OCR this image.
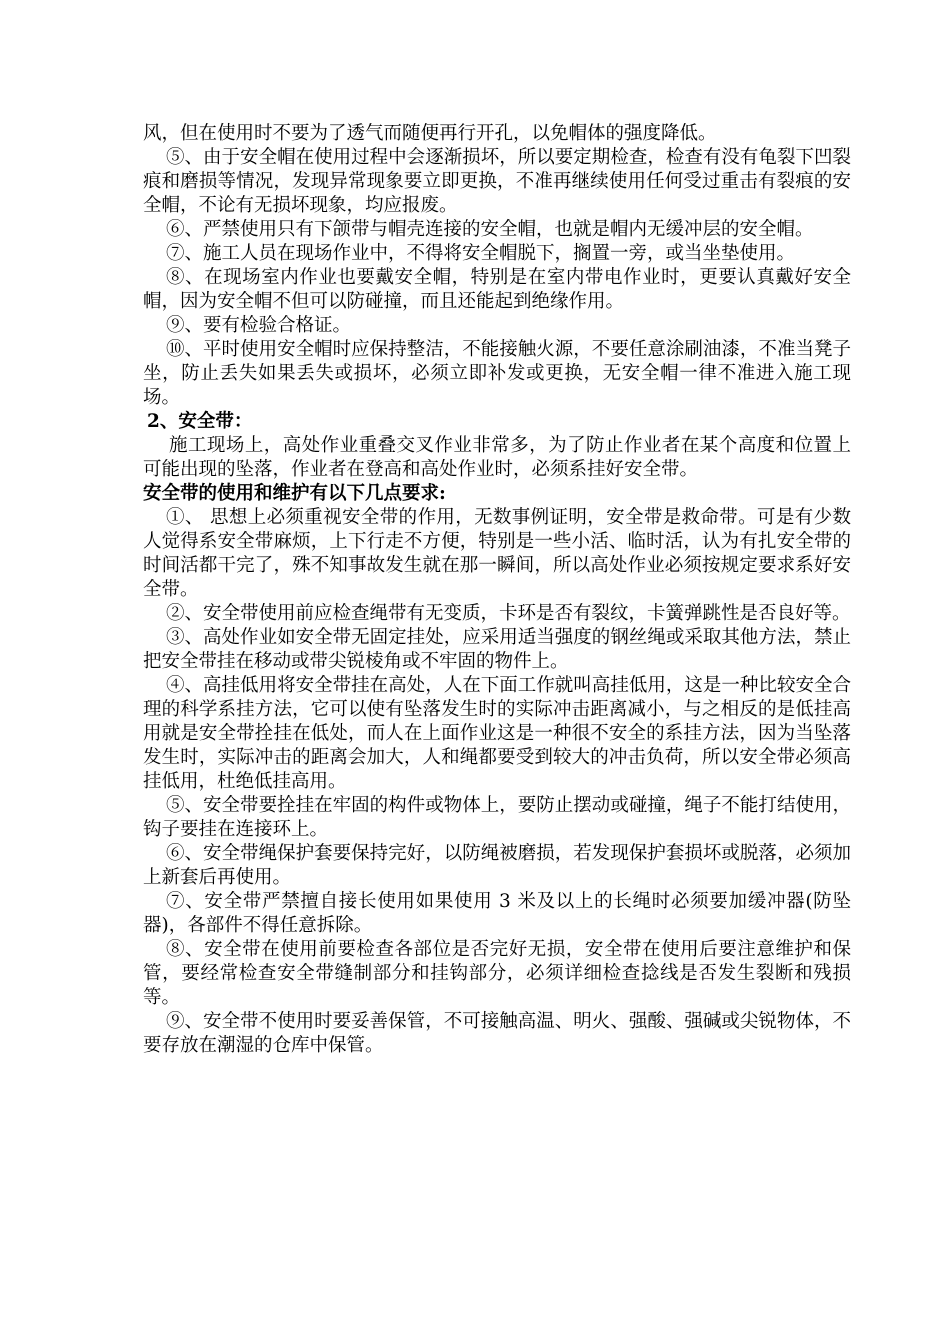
风，但在使用时不要为了透气而随便再行开孔，以免帽体的强度降低。

⑤、由于安全帽在使用过程中会逐渐损坏，所以要定期检查，检查有没有龟裂下凹裂痕和磨损等情况，发现异常现象要立即更换，不准再继续使用任何受过重击有裂痕的安全帽，不论有无损坏现象，均应报废。

⑥、严禁使用只有下颌带与帽壳连接的安全帽，也就是帽内无缓冲层的安全帽。

⑦、施工人员在现场作业中，不得将安全帽脱下，搁置一旁，或当坐垫使用。

⑧、在现场室内作业也要戴安全帽，特别是在室内带电作业时，更要认真戴好安全帽，因为安全帽不但可以防碰撞，而且还能起到绝缘作用。

⑨、要有检验合格证。

⑩、平时使用安全帽时应保持整洁，不能接触火源，不要任意涂刷油漆，不准当凳子坐，防止丢失如果丢失或损坏，必须立即补发或更换，无安全帽一律不准进入施工现场。

2、安全带：

施工现场上，高处作业重叠交叉作业非常多，为了防止作业者在某个高度和位置上可能出现的坠落，作业者在登高和高处作业时，必须系挂好安全带。

安全带的使用和维护有以下几点要求:

①、 思想上必须重视安全带的作用，无数事例证明，安全带是救命带。可是有少数人觉得系安全带麻烦，上下行走不方便，特别是一些小活、临时活，认为有扎安全带的时间活都干完了，殊不知事故发生就在那一瞬间，所以高处作业必须按规定要求系好安全带。

②、安全带使用前应检查绳带有无变质，卡环是否有裂纹，卡簧弹跳性是否良好等。

③、高处作业如安全带无固定挂处，应采用适当强度的钢丝绳或采取其他方法，禁止把安全带挂在移动或带尖锐棱角或不牢固的物件上。

④、高挂低用将安全带挂在高处，人在下面工作就叫高挂低用，这是一种比较安全合理的科学系挂方法，它可以使有坠落发生时的实际冲击距离减小，与之相反的是低挂高用就是安全带拴挂在低处，而人在上面作业这是一种很不安全的系挂方法，因为当坠落发生时，实际冲击的距离会加大，人和绳都要受到较大的冲击负荷，所以安全带必须高挂低用，杜绝低挂高用。

⑤、安全带要拴挂在牢固的构件或物体上，要防止摆动或碰撞，绳子不能打结使用，钩子要挂在连接环上。

⑥、安全带绳保护套要保持完好，以防绳被磨损，若发现保护套损坏或脱落，必须加上新套后再使用。

⑦、安全带严禁擅自接长使用如果使用 3 米及以上的长绳时必须要加缓冲器(防坠器)，各部件不得任意拆除。

⑧、安全带在使用前要检查各部位是否完好无损，安全带在使用后要注意维护和保管，要经常检查安全带缝制部分和挂钩部分，必须详细检查捻线是否发生裂断和残损等。

⑨、安全带不使用时要妥善保管，不可接触高温、明火、强酸、强碱或尖锐物体，不要存放在潮湿的仓库中保管。
